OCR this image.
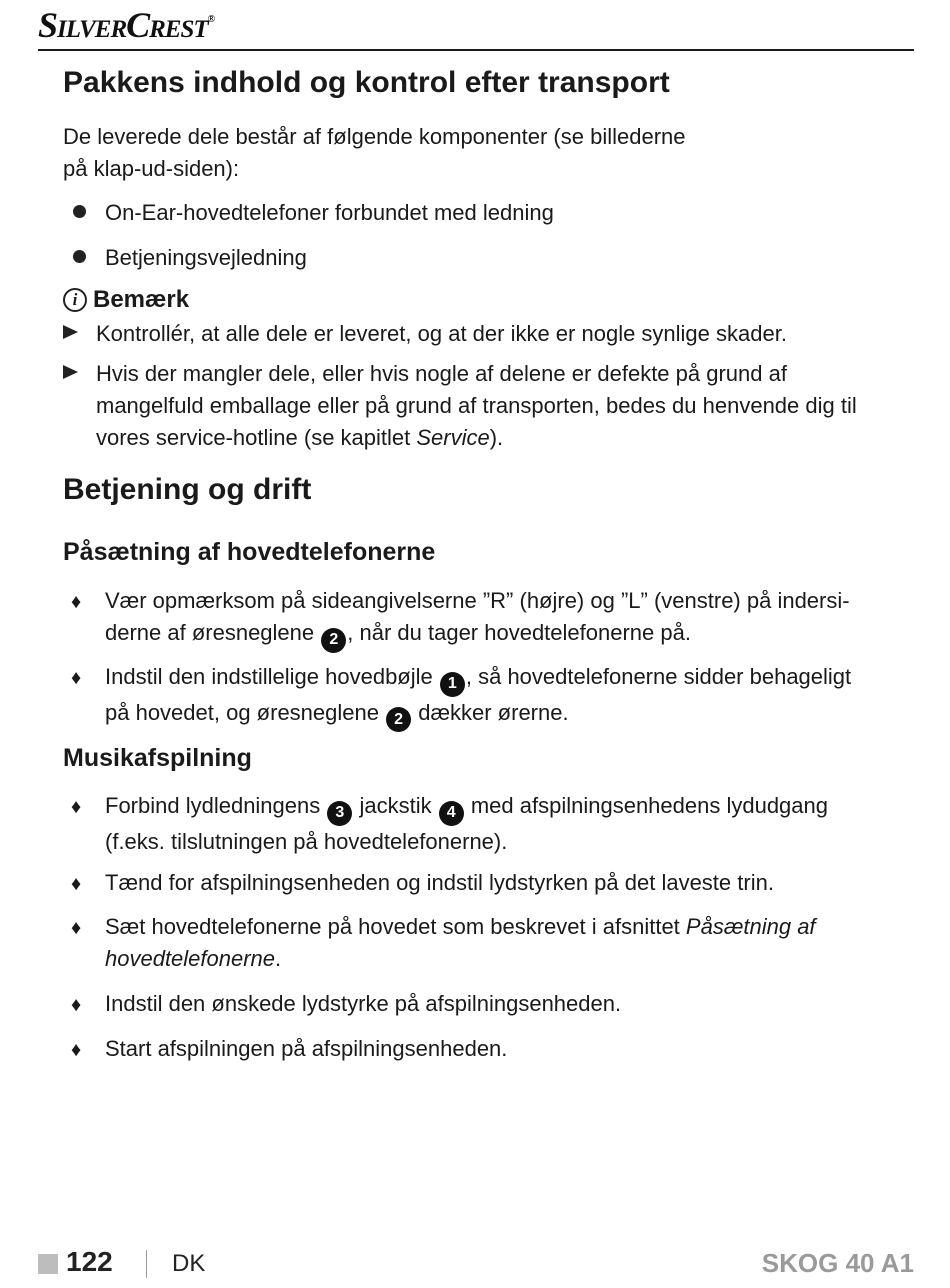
SilverCrest®
Pakkens indhold og kontrol efter transport
De leverede dele består af følgende komponenter (se billederne
på klap-ud-siden):
On-Ear-hovedtelefoner forbundet med ledning
Betjeningsvejledning
i Bemærk
Kontrollér, at alle dele er leveret, og at der ikke er nogle synlige skader.
Hvis der mangler dele, eller hvis nogle af delene er defekte på grund af
mangelfuld emballage eller på grund af transporten, bedes du henvende dig til
vores service-hotline (se kapitlet Service).
Betjening og drift
Påsætning af hovedtelefonerne
♦	Vær opmærksom på sideangivelserne ”R” (højre) og ”L” (venstre) på indersi-
derne af øresneglene 2 , når du tager hovedtelefonerne på.
♦	Indstil den indstillelige hovedbøjle 1 , så hovedtelefonerne sidder behageligt
på hovedet, og øresneglene 2 dækker ørerne.
Musikafspilning
♦	Forbind lydledningens 3 jackstik 4 med afspilningsenhedens lydudgang
(f.eks. tilslutningen på hovedtelefonerne).
♦	Tænd for afspilningsenheden og indstil lydstyrken på det laveste trin.
♦	Sæt hovedtelefonerne på hovedet som beskrevet i afsnittet Påsætning af
hovedtelefonerne.
♦	Indstil den ønskede lydstyrke på afspilningsenheden.
♦	Start afspilningen på afspilningsenheden.
122 DK	SKOG 40 A1
